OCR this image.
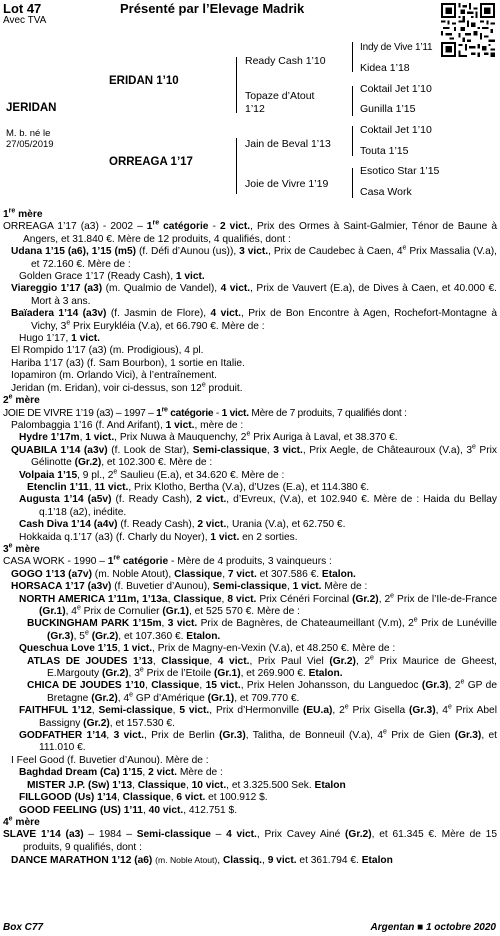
Lot 47
Avec TVA
Présenté par l’Elevage Madrik
JERIDAN
M. b. né le
27/05/2019
ERIDAN 1’10
ORREAGA 1’17
Ready Cash 1’10
Topaze d’Atout
1’12
Jain de Beval 1’13
Joie de Vivre 1’19
Indy de Vive 1’11
Kidea 1’18
Coktail Jet 1’10
Gunilla 1’15
Coktail Jet 1’10
Touta 1’15
Esotico Star 1’15
Casa Work

1re mère

ORREAGA 1’17 (a3) - 2002 – 1re catégorie - 2 vict., Prix des Ormes à Saint-Galmier, Ténor de Baune à Angers, et 31.840 €. Mère de 12 produits, 4 qualifiés, dont :

Udana 1’15 (a6), 1’15 (m5) (f. Défi d’Aunou (us)), 3 vict., Prix de Caudebec à Caen, 4e Prix Massalia (V.a), et 72.160 €. Mère de :

Golden Grace 1’17 (Ready Cash), 1 vict.

Viareggio 1’17 (a3) (m. Qualmio de Vandel), 4 vict., Prix de Vauvert (E.a), de Dives à Caen, et 40.000 €. Mort à 3 ans.

Baïadera 1’14 (a3v) (f. Jasmin de Flore), 4 vict., Prix de Bon Encontre à Agen, Rochefort-Montagne à Vichy, 3e Prix Eurykléia (V.a), et 66.790 €. Mère de :

Hugo 1’17, 1 vict.

El Rompido 1’17 (a3) (m. Prodigious), 4 pl.

Hariba 1’17 (a3) (f. Sam Bourbon), 1 sortie en Italie.

Iopamiron (m. Orlando Vici), à l’entraînement.

Jeridan (m. Eridan), voir ci-dessus, son 12e produit.

2e mère

JOIE DE VIVRE 1’19 (a3) – 1997 – 1re catégorie - 1 vict. Mère de 7 produits, 7 qualifiés dont :

Palombaggia 1’16 (f. And Arifant), 1 vict., mère de :

Hydre 1’17m, 1 vict., Prix Nuwa à Mauquenchy, 2e Prix Auriga à Laval, et 38.370 €.

QUABILA 1’14 (a3v) (f. Look de Star), Semi-classique, 3 vict., Prix Aegle, de Châteauroux (V.a), 3e Prix Gélinotte (Gr.2), et 102.300 €. Mère de :

Volpaia 1’15, 9 pl., 2e Saulieu (E.a), et 34.620 €. Mère de :

Etenclin 1’11, 11 vict., Prix Klotho, Bertha (V.a), d’Uzes (E.a), et 114.380 €.

Augusta 1’14 (a5v) (f. Ready Cash), 2 vict., d’Evreux, (V.a), et 102.940 €. Mère de : Haida du Bellay q.1’18 (a2), inédite.

Cash Diva 1’14 (a4v) (f. Ready Cash), 2 vict., Urania (V.a), et 62.750 €.

Hokkaida q.1’17 (a3) (f. Charly du Noyer), 1 vict. en 2 sorties.

3e mère

CASA WORK - 1990 – 1re catégorie - Mère de 4 produits, 3 vainqueurs :

GOGO 1’13 (a7v) (m. Noble Atout), Classique, 7 vict. et 307.586 €. Etalon.

HORSACA 1’17 (a3v) (f. Buvetier d’Aunou), Semi-classique, 1 vict. Mère de :

NORTH AMERICA 1’11m, 1’13a, Classique, 8 vict. Prix Cénéri Forcinal (Gr.2), 2e Prix de l’Ile-de-France (Gr.1), 4e Prix de Cornulier (Gr.1), et 525 570 €. Mère de :

BUCKINGHAM PARK 1’15m, 3 vict. Prix de Bagnères, de Chateaumeillant (V.m), 2e Prix de Lunéville (Gr.3), 5e (Gr.2), et 107.360 €. Etalon.

Queschua Love 1’15, 1 vict., Prix de Magny-en-Vexin (V.a), et 48.250 €. Mère de :

ATLAS DE JOUDES 1’13, Classique, 4 vict., Prix Paul Viel (Gr.2), 2e Prix Maurice de Gheest, E.Margouty (Gr.2), 3e Prix de l’Etoile (Gr.1), et 269.900 €. Etalon.

CHICA DE JOUDES 1’10, Classique, 15 vict., Prix Helen Johansson, du Languedoc (Gr.3), 2e GP de Bretagne (Gr.2), 4e GP d’Amérique (Gr.1), et 709.770 €.

FAITHFUL 1’12, Semi-classique, 5 vict., Prix d’Hermonville (EU.a), 2e Prix Gisella (Gr.3), 4e Prix Abel Bassigny (Gr.2), et 157.530 €.

GODFATHER 1’14, 3 vict., Prix de Berlin (Gr.3), Talitha, de Bonneuil (V.a), 4e Prix de Gien (Gr.3), et 111.010 €.

I Feel Good (f. Buvetier d’Aunou). Mère de :

Baghdad Dream (Ca) 1’15, 2 vict. Mère de :

MISTER J.P. (Sw) 1’13, Classique, 10 vict., et 3.325.500 Sek. Etalon

FILLGOOD (Us) 1’14, Classique, 6 vict. et 100.912 $.

GOOD FEELING (US) 1’11, 40 vict., 412.751 $.

4e mère

SLAVE 1’14 (a3) – 1984 – Semi-classique – 4 vict., Prix Cavey Ainé (Gr.2), et 61.345 €. Mère de 15 produits, 9 qualifiés, dont :

DANCE MARATHON 1’12 (a6) (m. Noble Atout), Classiq., 9 vict. et 361.794 €. Etalon

Box C77	Argentan ■ 1 octobre 2020
